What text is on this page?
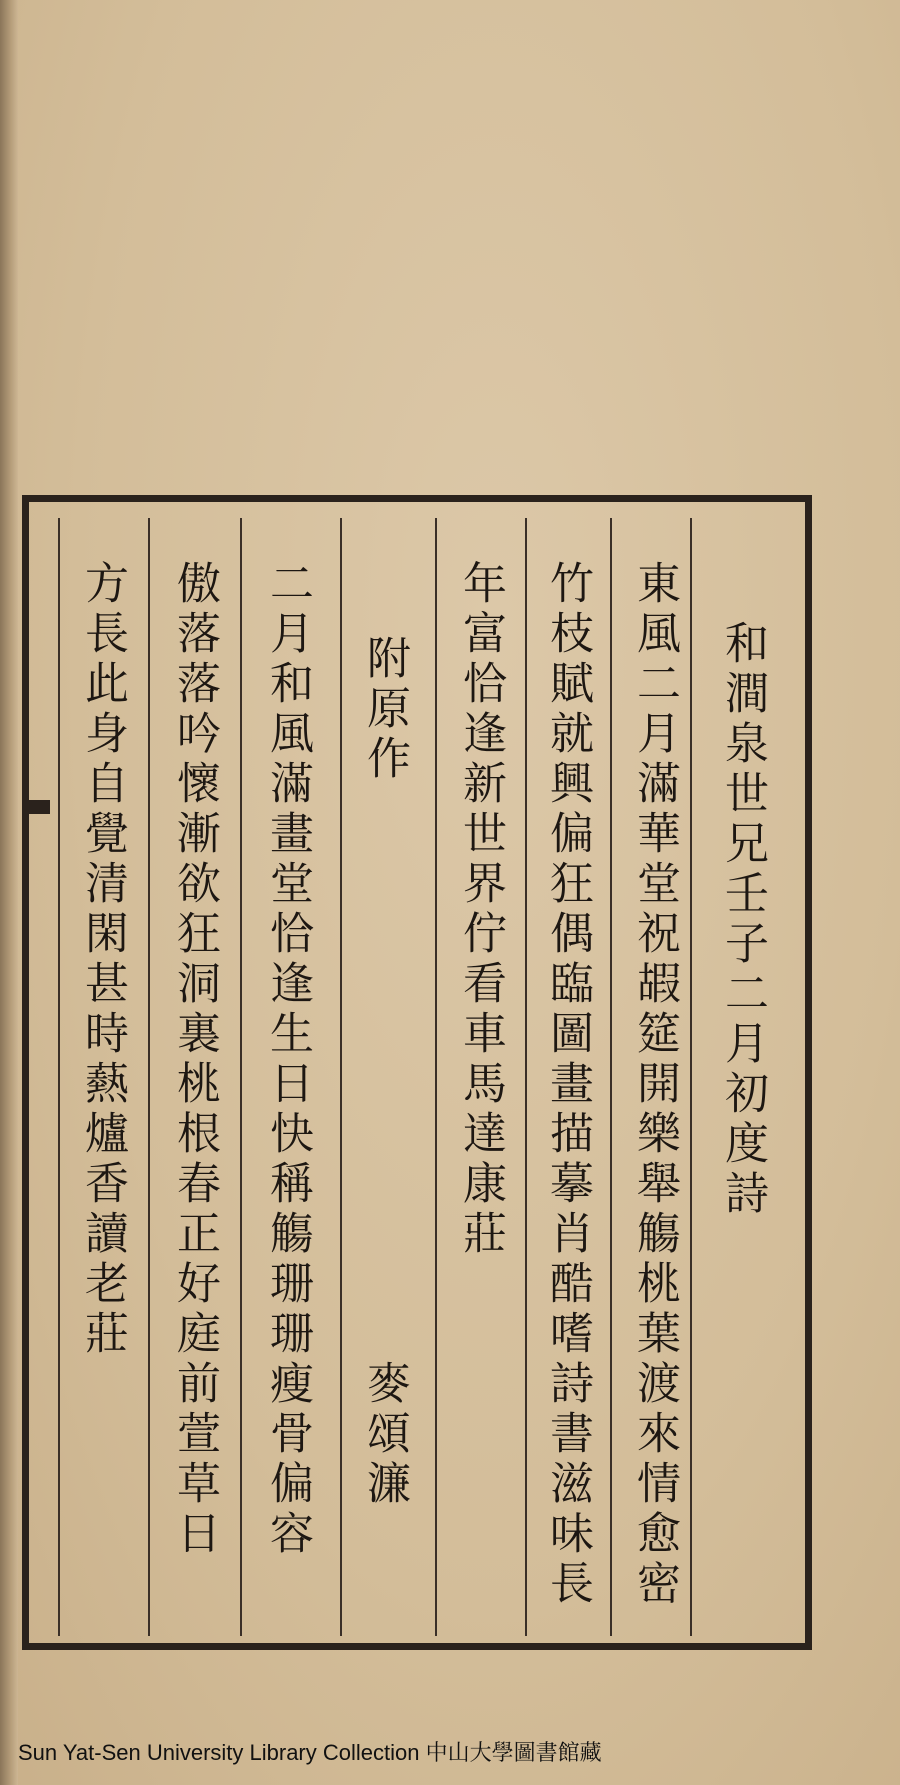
和澗泉世兄壬子二月初度詩
東風二月滿華堂祝嘏筵開樂舉觴桃葉渡來情愈密
竹枝賦就興偏狂偶臨圖畫描摹肖酷嗜詩書滋味長
年富恰逢新世界佇看車馬達康莊
附原作
麥頌濂
二月和風滿畫堂恰逢生日快稱觴珊珊瘦骨偏容
傲落落吟懷漸欲狂洞裏桃根春正好庭前萱草日
方長此身自覺清閑甚時爇爐香讀老莊
Sun Yat-Sen University Library Collection 中山大學圖書館藏
